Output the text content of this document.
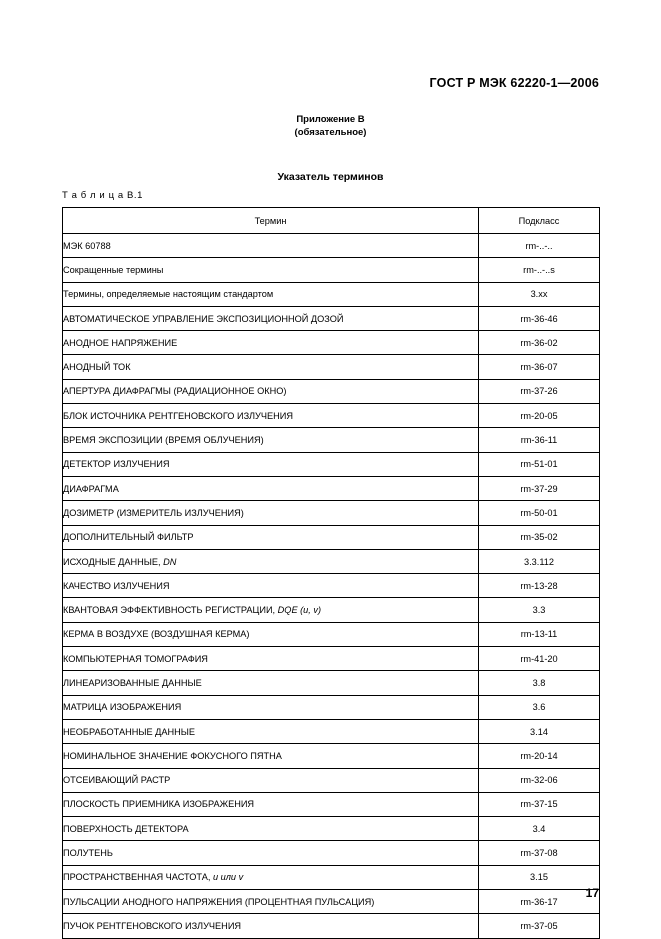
ГОСТ Р МЭК 62220-1—2006
Приложение В
(обязательное)
Указатель терминов
Т а б л и ц а В.1
Термин	Подкласс
МЭК 60788	rm-..-..
Сокращенные термины	rm-..-..s
Термины, определяемые настоящим стандартом	3.xx
АВТОМАТИЧЕСКОЕ УПРАВЛЕНИЕ ЭКСПОЗИЦИОННОЙ ДОЗОЙ	rm-36-46
АНОДНОЕ НАПРЯЖЕНИЕ	rm-36-02
АНОДНЫЙ ТОК	rm-36-07
АПЕРТУРА ДИАФРАГМЫ (РАДИАЦИОННОЕ ОКНО)	rm-37-26
БЛОК ИСТОЧНИКА РЕНТГЕНОВСКОГО ИЗЛУЧЕНИЯ	rm-20-05
ВРЕМЯ ЭКСПОЗИЦИИ (ВРЕМЯ ОБЛУЧЕНИЯ)	rm-36-11
ДЕТЕКТОР ИЗЛУЧЕНИЯ	rm-51-01
ДИАФРАГМА	rm-37-29
ДОЗИМЕТР (ИЗМЕРИТЕЛЬ ИЗЛУЧЕНИЯ)	rm-50-01
ДОПОЛНИТЕЛЬНЫЙ ФИЛЬТР	rm-35-02
ИСХОДНЫЕ ДАННЫЕ, DN	3.3.112
КАЧЕСТВО ИЗЛУЧЕНИЯ	rm-13-28
КВАНТОВАЯ ЭФФЕКТИВНОСТЬ РЕГИСТРАЦИИ, DQE (u, v)	3.3
КЕРМА В ВОЗДУХЕ (ВОЗДУШНАЯ КЕРМА)	rm-13-11
КОМПЬЮТЕРНАЯ ТОМОГРАФИЯ	rm-41-20
ЛИНЕАРИЗОВАННЫЕ ДАННЫЕ	3.8
МАТРИЦА ИЗОБРАЖЕНИЯ	3.6
НЕОБРАБОТАННЫЕ ДАННЫЕ	3.14
НОМИНАЛЬНОЕ ЗНАЧЕНИЕ ФОКУСНОГО ПЯТНА	rm-20-14
ОТСЕИВАЮЩИЙ РАСТР	rm-32-06
ПЛОСКОСТЬ ПРИЕМНИКА ИЗОБРАЖЕНИЯ	rm-37-15
ПОВЕРХНОСТЬ ДЕТЕКТОРА	3.4
ПОЛУТЕНЬ	rm-37-08
ПРОСТРАНСТВЕННАЯ ЧАСТОТА, u или v	3.15
ПУЛЬСАЦИИ АНОДНОГО НАПРЯЖЕНИЯ (ПРОЦЕНТНАЯ ПУЛЬСАЦИЯ)	rm-36-17
ПУЧОК РЕНТГЕНОВСКОГО ИЗЛУЧЕНИЯ	rm-37-05
17
